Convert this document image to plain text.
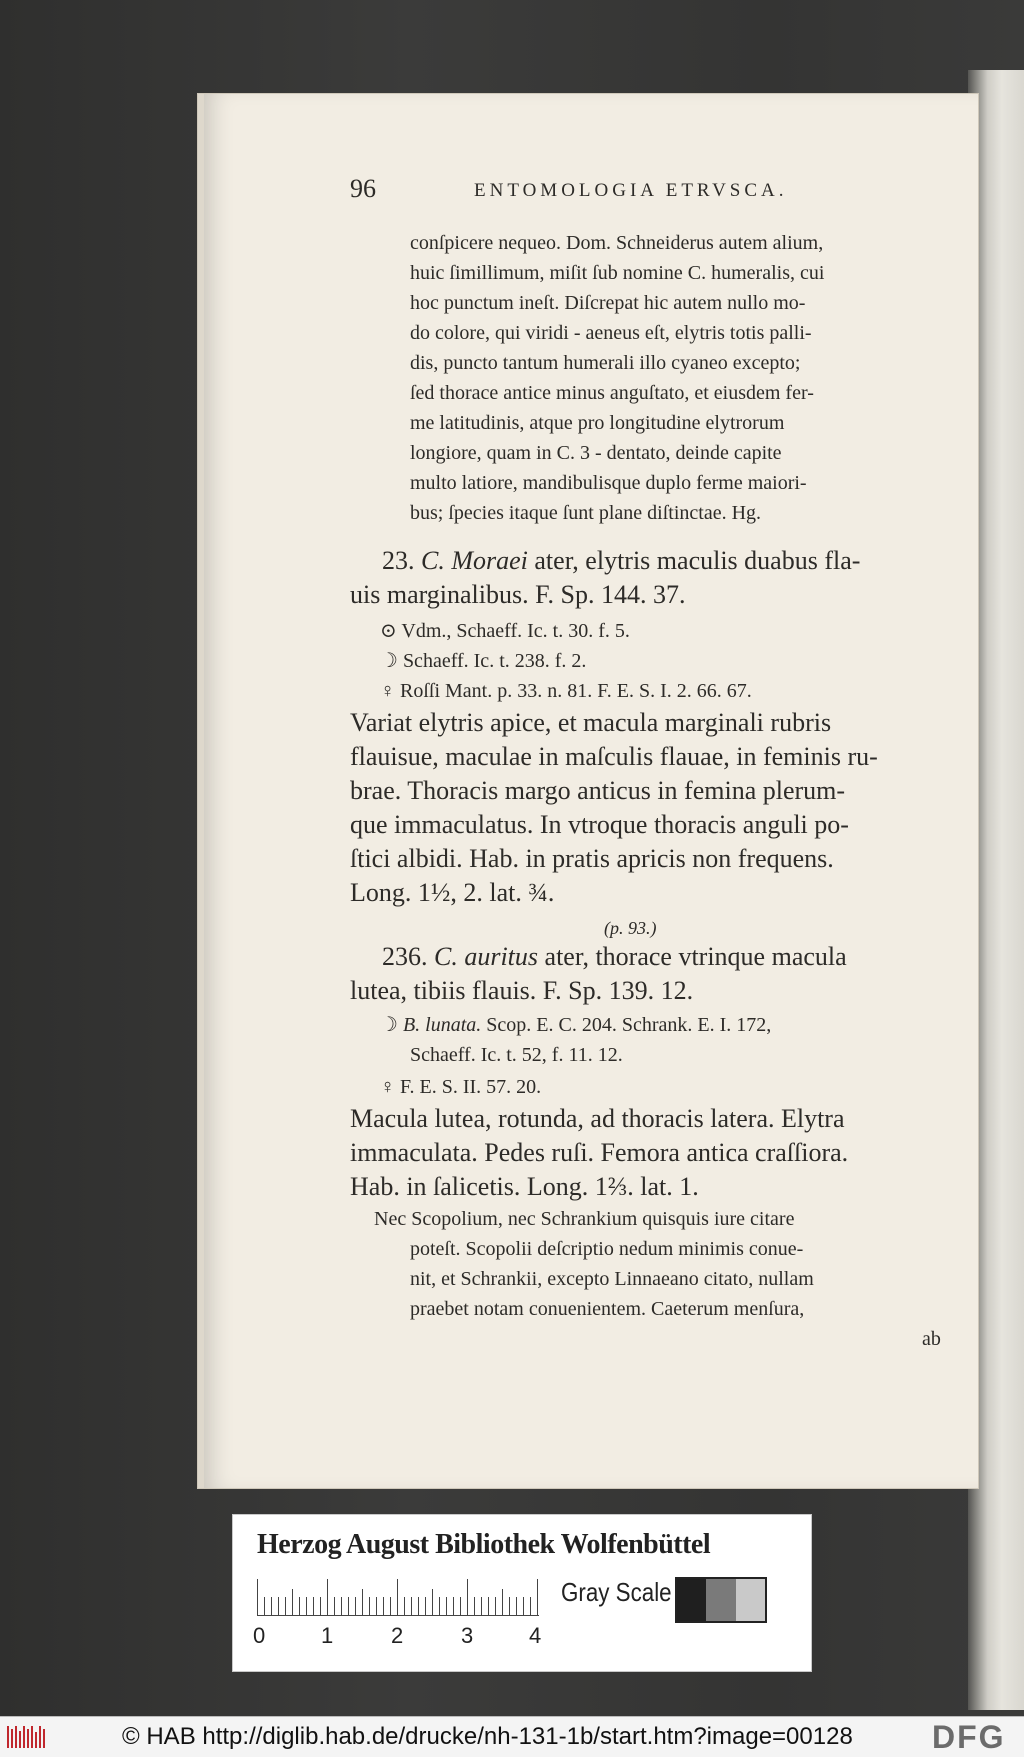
96	ENTOMOLOGIA ETRVSCA.
conſpicere nequeo. Dom. Schneiderus autem alium,
huic ſimillimum, miſit ſub nomine C. humeralis, cui
hoc punctum ineſt. Diſcrepat hic autem nullo mo-
do colore, qui viridi - aeneus eſt, elytris totis palli-
dis, puncto tantum humerali illo cyaneo excepto;
ſed thorace antice minus anguſtato, et eiusdem fer-
me latitudinis, atque pro longitudine elytrorum
longiore, quam in C. 3 - dentato, deinde capite
multo latiore, mandibulisque duplo ferme maiori-
bus; ſpecies itaque ſunt plane diſtinctae. Hg.
23. C. Moraei ater, elytris maculis duabus fla-
uis marginalibus. F. Sp. 144. 37.
⊙ Vdm., Schaeff. Ic. t. 30. f. 5.
☽ Schaeff. Ic. t. 238. f. 2.
♀ Roſſi Mant. p. 33. n. 81. F. E. S. I. 2. 66. 67.
Variat elytris apice, et macula marginali rubris
flauisue, maculae in maſculis flauae, in feminis ru-
brae. Thoracis margo anticus in femina plerum-
que immaculatus. In vtroque thoracis anguli po-
ſtici albidi. Hab. in pratis apricis non frequens.
Long. 1½, 2. lat. ¾.
(p. 93.)
236. C. auritus ater, thorace vtrinque macula
lutea, tibiis flauis. F. Sp. 139. 12.
☽ B. lunata. Scop. E. C. 204. Schrank. E. I. 172,
Schaeff. Ic. t. 52, f. 11. 12.
♀ F. E. S. II. 57. 20.
Macula lutea, rotunda, ad thoracis latera. Elytra
immaculata. Pedes ruſi. Femora antica craſſiora.
Hab. in ſalicetis. Long. 1⅔. lat. 1.
Nec Scopolium, nec Schrankium quisquis iure citare
poteſt. Scopolii deſcriptio nedum minimis conue-
nit, et Schrankii, excepto Linnaeano citato, nullam
praebet notam conuenientem. Caeterum menſura,
ab
Herzog August Bibliothek Wolfenbüttel
0	1	2	3	4
Gray Scale
© HAB http://diglib.hab.de/drucke/nh-131-1b/start.htm?image=00128 DFG
